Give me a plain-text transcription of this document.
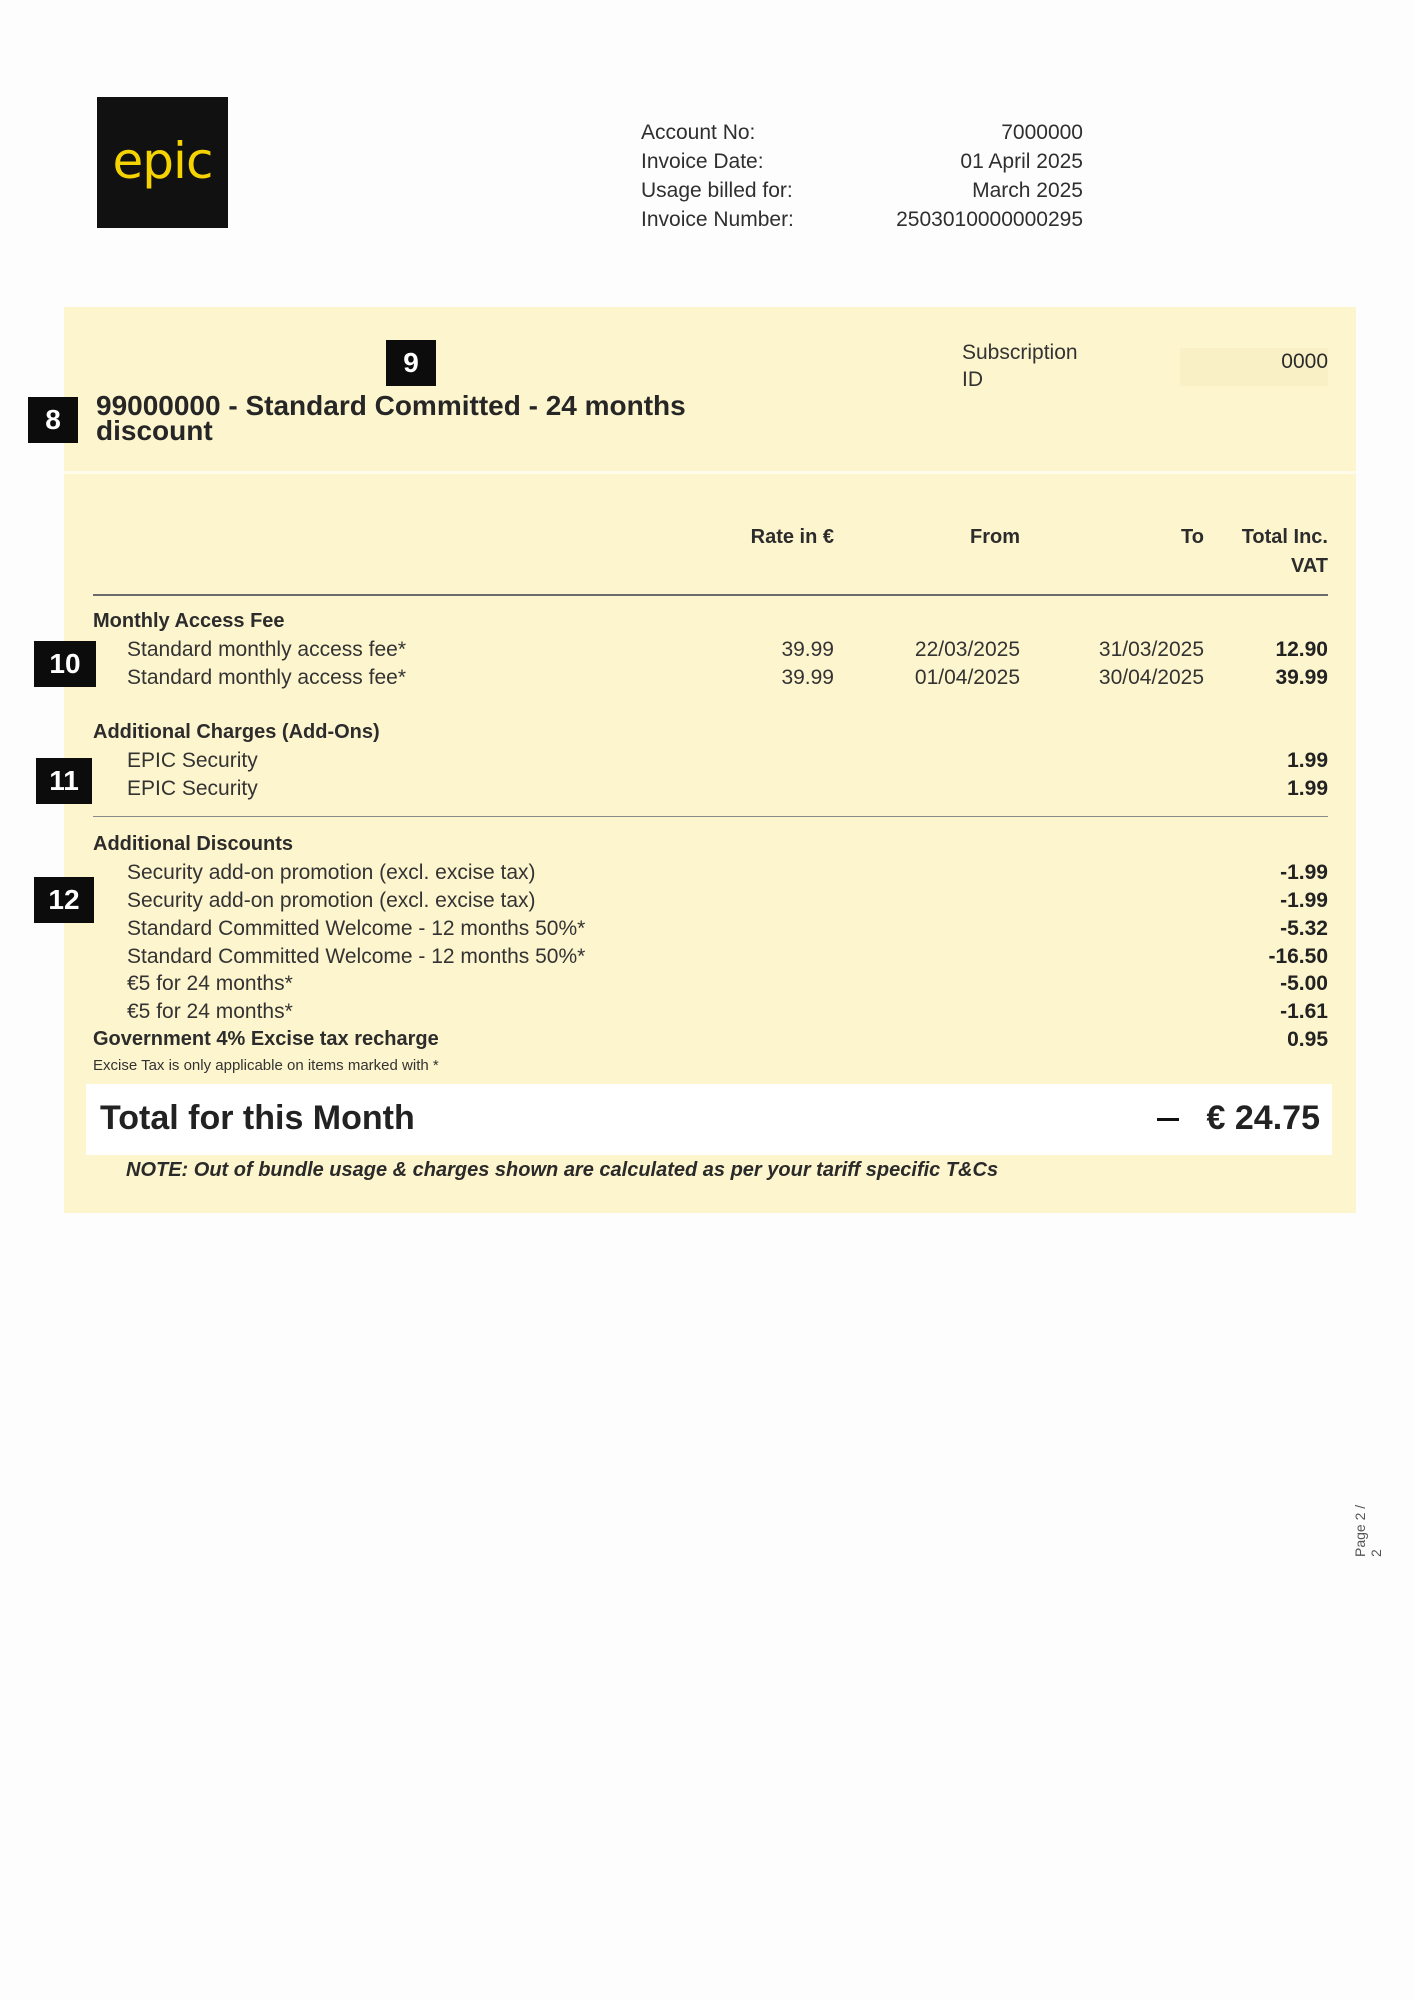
epic	Account No:	7000000
Invoice Date:	01 April 2025
Usage billed for:	March 2025
Invoice Number:	2503010000000295
9
8
10
11
12
99000000 - Standard Committed - 24 months
discount
Subscription ID
0000
Rate in €	From	To	Total Inc. VAT
Monthly Access Fee
Standard monthly access fee*	39.99	22/03/2025	31/03/2025	12.90
Standard monthly access fee*	39.99	01/04/2025	30/04/2025	39.99
Additional Charges (Add-Ons)
EPIC Security	1.99
EPIC Security	1.99
Additional Discounts
Security add-on promotion (excl. excise tax)	-1.99
Security add-on promotion (excl. excise tax)	-1.99
Standard Committed Welcome - 12 months 50%*	-5.32
Standard Committed Welcome - 12 months 50%*	-16.50
€5 for 24 months*	-5.00
€5 for 24 months*	-1.61
Government 4% Excise tax recharge	0.95
Excise Tax is only applicable on items marked with *
Total for this Month	€ 24.75
NOTE: Out of bundle usage & charges shown are calculated as per your tariff specific T&Cs
Page 2 / 2
